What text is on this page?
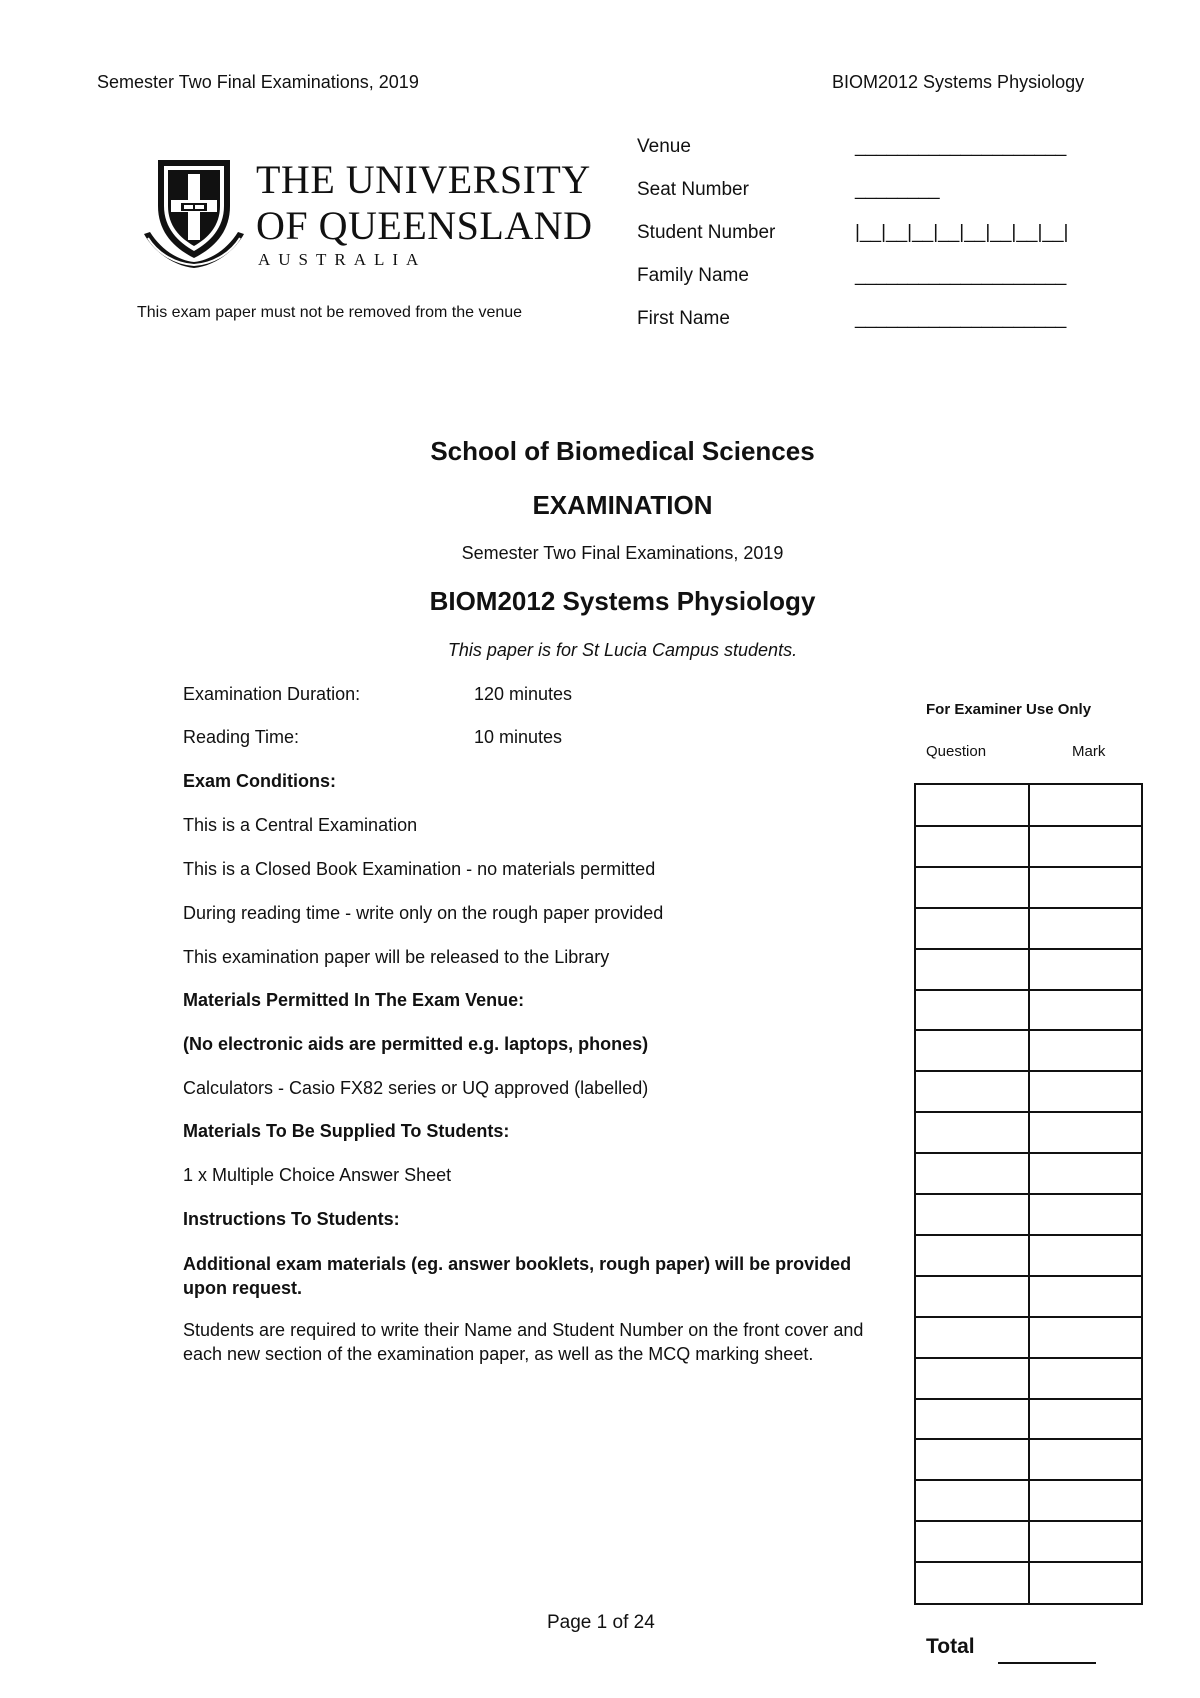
Semester Two Final Examinations, 2019	BIOM2012 Systems Physiology
THE UNIVERSITY
OF QUEENSLAND
AUSTRALIA
This exam paper must not be removed from the venue
Venue	____________________
Seat Number	________
Student Number	|__|__|__|__|__|__|__|__|
Family Name	____________________
First Name	____________________
School of Biomedical Sciences
EXAMINATION
Semester Two Final Examinations, 2019
BIOM2012 Systems Physiology
This paper is for St Lucia Campus students.
Examination Duration:	120 minutes
Reading Time:	10 minutes
Exam Conditions:
This is a Central Examination
This is a Closed Book Examination - no materials permitted
During reading time - write only on the rough paper provided
This examination paper will be released to the Library
Materials Permitted In The Exam Venue:
(No electronic aids are permitted e.g. laptops, phones)
Calculators - Casio FX82 series or UQ approved (labelled)
Materials To Be Supplied To Students:
1 x Multiple Choice Answer Sheet
Instructions To Students:
Additional exam materials (eg. answer booklets, rough paper) will be provided upon request.
Students are required to write their Name and Student Number on the front cover and each new section of the examination paper, as well as the MCQ marking sheet.
For Examiner Use Only
Question	Mark
Total
Page 1 of 24
